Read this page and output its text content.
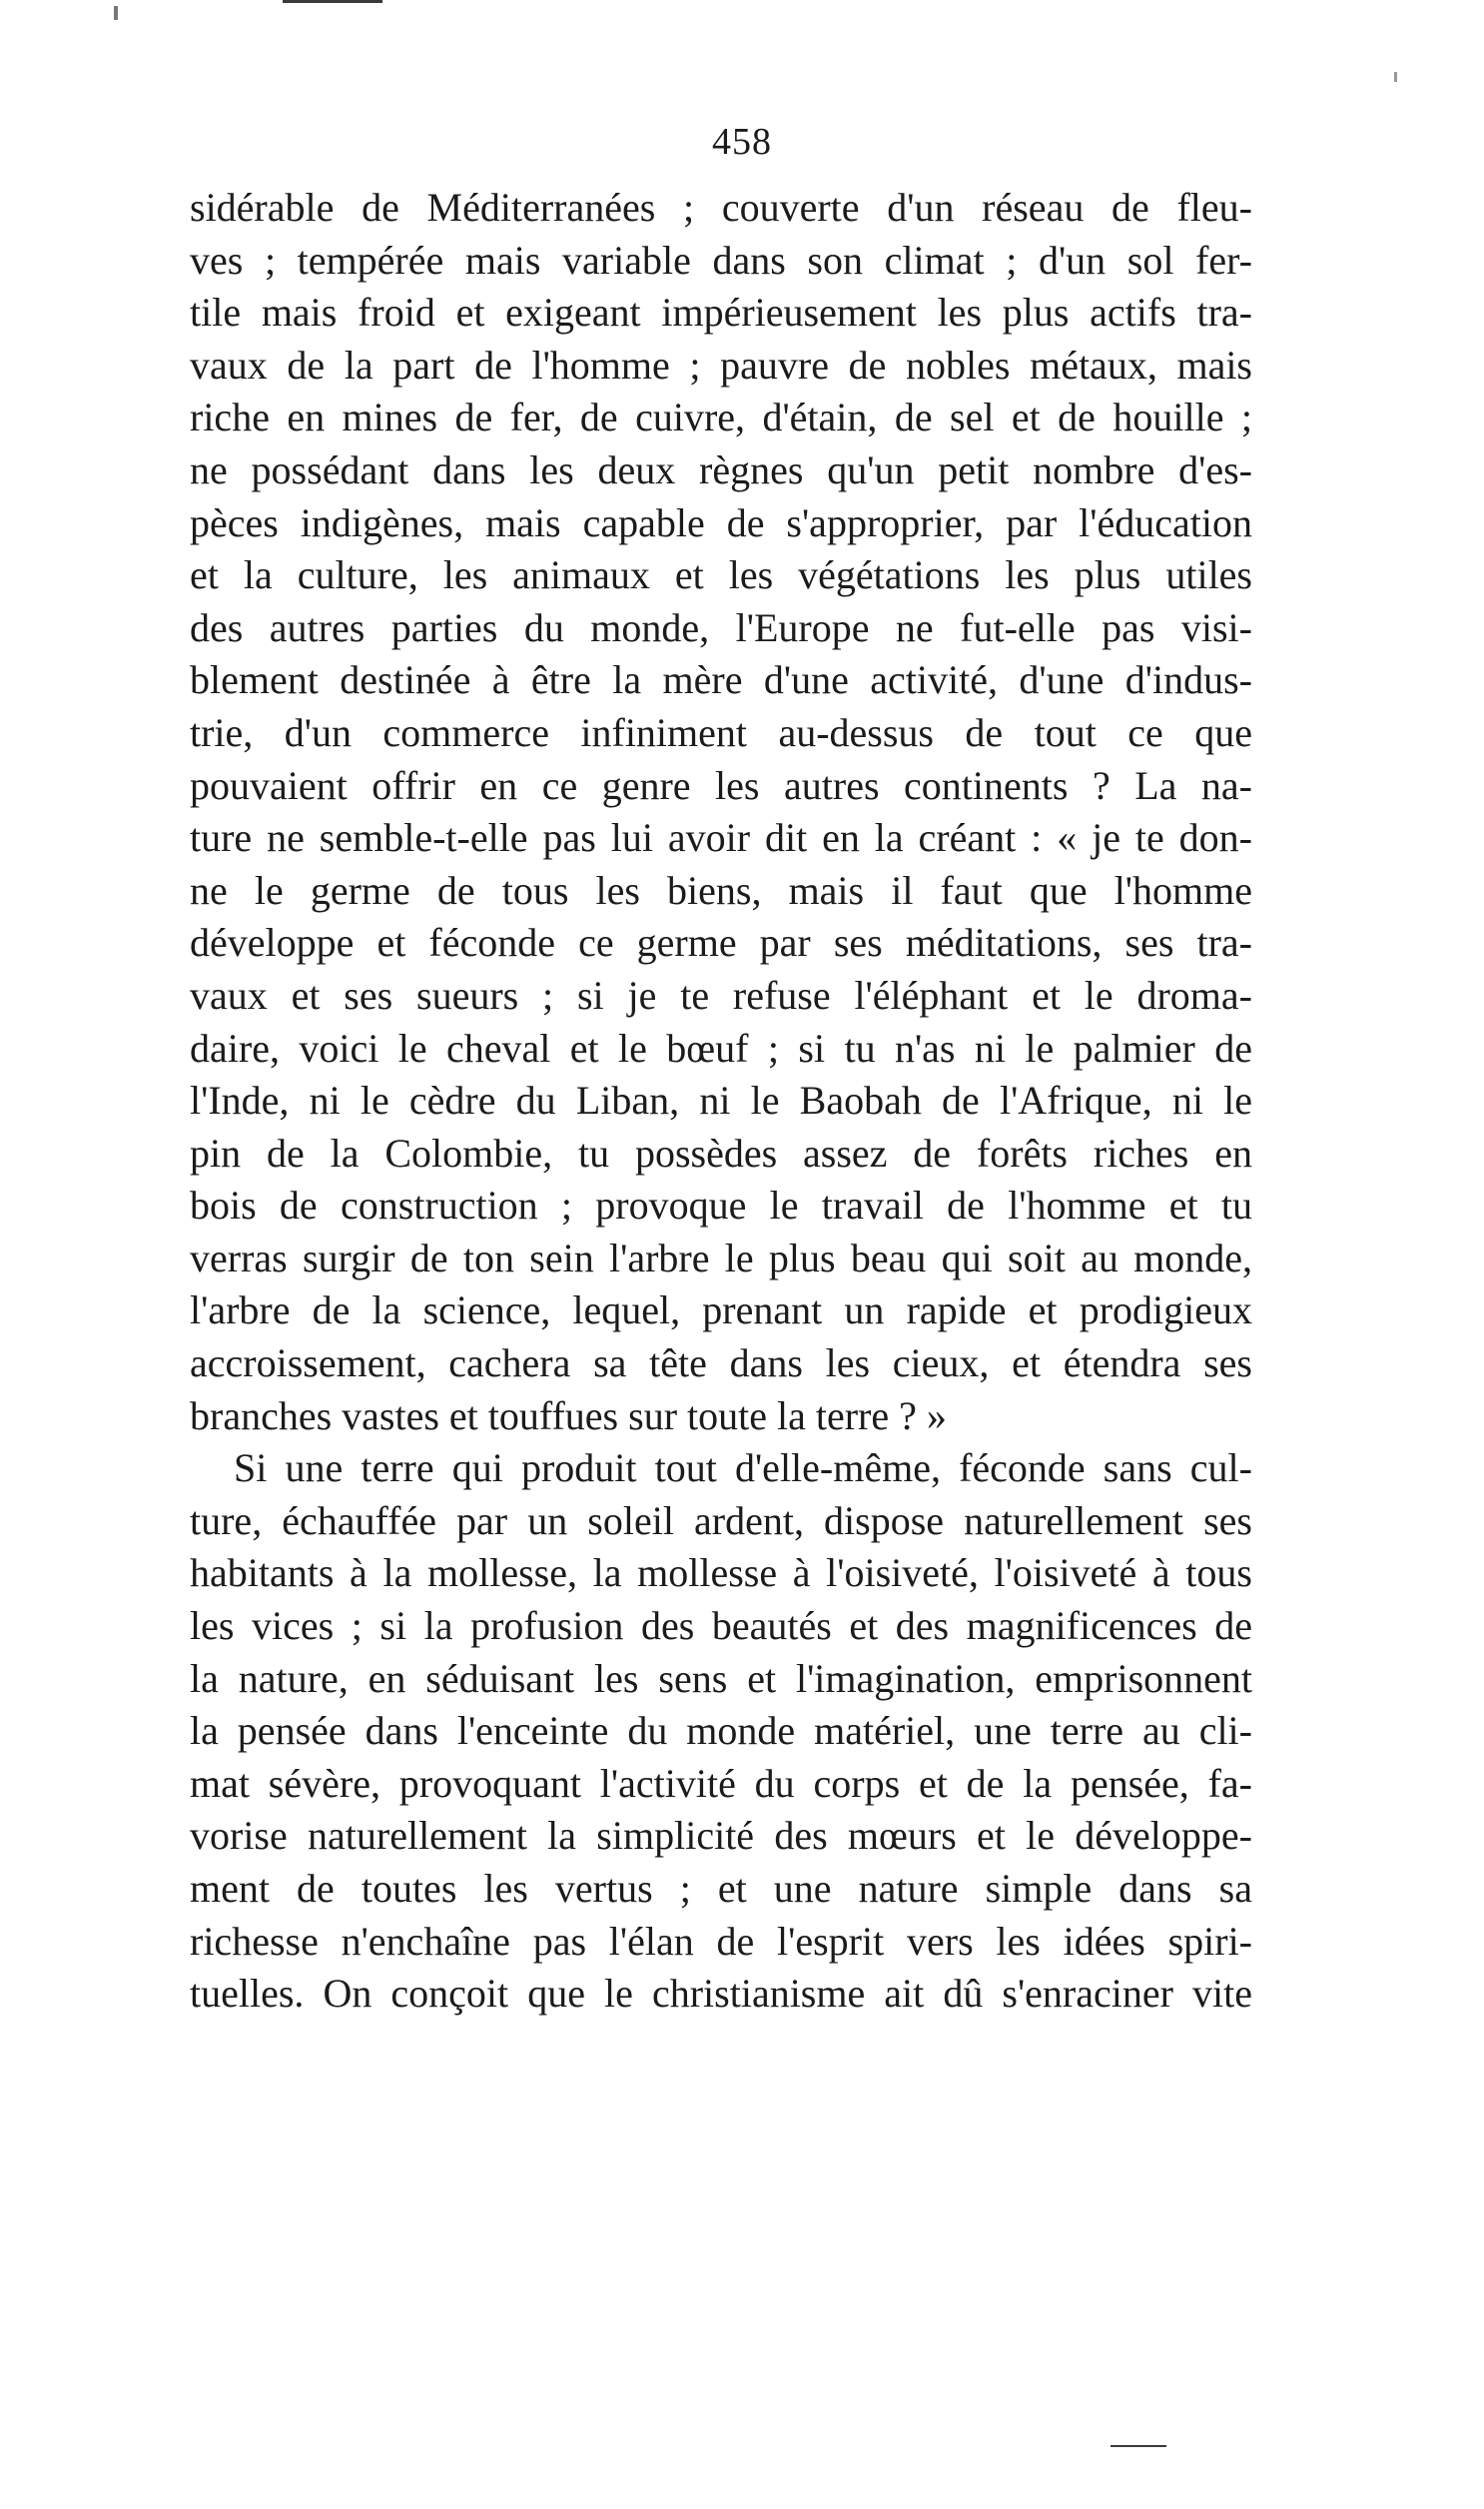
458
sidérable de Méditerranées ; couverte d'un réseau de fleu-
ves ; tempérée mais variable dans son climat ; d'un sol fer-
tile mais froid et exigeant impérieusement les plus actifs tra-
vaux de la part de l'homme ; pauvre de nobles métaux, mais
riche en mines de fer, de cuivre, d'étain, de sel et de houille ;
ne possédant dans les deux règnes qu'un petit nombre d'es-
pèces indigènes, mais capable de s'approprier, par l'éducation
et la culture, les animaux et les végétations les plus utiles
des autres parties du monde, l'Europe ne fut-elle pas visi-
blement destinée à être la mère d'une activité, d'une d'indus-
trie, d'un commerce infiniment au-dessus de tout ce que
pouvaient offrir en ce genre les autres continents ? La na-
ture ne semble-t-elle pas lui avoir dit en la créant : « je te don-
ne le germe de tous les biens, mais il faut que l'homme
développe et féconde ce germe par ses méditations, ses tra-
vaux et ses sueurs ; si je te refuse l'éléphant et le droma-
daire, voici le cheval et le bœuf ; si tu n'as ni le palmier de
l'Inde, ni le cèdre du Liban, ni le Baobah de l'Afrique, ni le
pin de la Colombie, tu possèdes assez de forêts riches en
bois de construction ; provoque le travail de l'homme et tu
verras surgir de ton sein l'arbre le plus beau qui soit au monde,
l'arbre de la science, lequel, prenant un rapide et prodigieux
accroissement, cachera sa tête dans les cieux, et étendra ses
branches vastes et touffues sur toute la terre ? »
Si une terre qui produit tout d'elle-même, féconde sans cul-
ture, échauffée par un soleil ardent, dispose naturellement ses
habitants à la mollesse, la mollesse à l'oisiveté, l'oisiveté à tous
les vices ; si la profusion des beautés et des magnificences de
la nature, en séduisant les sens et l'imagination, emprisonnent
la pensée dans l'enceinte du monde matériel, une terre au cli-
mat sévère, provoquant l'activité du corps et de la pensée, fa-
vorise naturellement la simplicité des mœurs et le développe-
ment de toutes les vertus ; et une nature simple dans sa
richesse n'enchaîne pas l'élan de l'esprit vers les idées spiri-
tuelles. On conçoit que le christianisme ait dû s'enraciner vite
